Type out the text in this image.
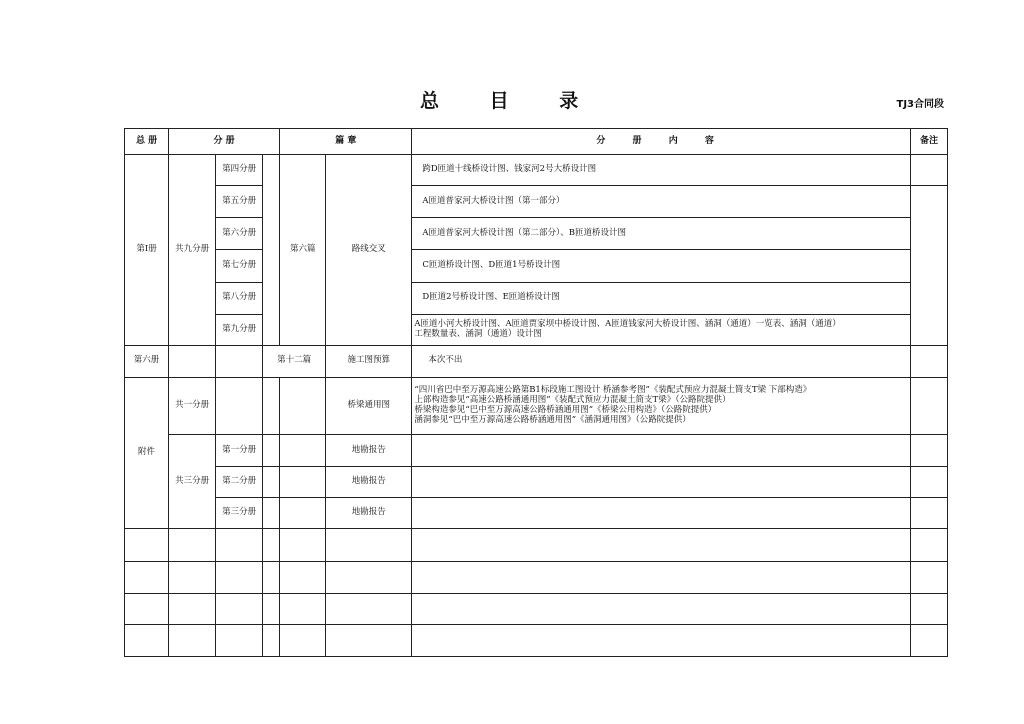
总 目 录	TJ3合同段
总 册	分 册			篇 章		分 册 内 容	备注
第Ⅰ册	共九分册	第四分册		第六篇	路线交叉	跨D匝道十线桥设计图、钱家河2号大桥设计图	
		第五分册				A匝道普家河大桥设计图（第一部分）	
		第六分册				A匝道普家河大桥设计图（第二部分）、B匝道桥设计图	
		第七分册				C匝道桥设计图、D匝道1号桥设计图	
		第八分册				D匝道2号桥设计图、E匝道桥设计图	
		第九分册				A匝道小河大桥设计图、A匝道贾家坝中桥设计图、A匝道钱家河大桥设计图、涵洞（通道）一览表、涵洞（通道）
工程数量表、涵洞（通道）设计图	

第六册			第十二篇		施工图预算	本次不出	
附件	共一分册				桥梁通用图	“四川省巴中至万源高速公路第B1标段施工图设计 桥涵参考图”《装配式预应力混凝土简支T梁 下部构造》
上部构造参见“高速公路桥涵通用图”《装配式预应力混凝土简支T梁》（公路院提供）
桥梁构造参见“巴中至万源高速公路桥涵通用图”《桥梁公用构造》（公路院提供）
涵洞参见“巴中至万源高速公路桥涵通用图”《涵洞通用图》（公路院提供）	

	共三分册	第一分册			地勘报告		
		第二分册			地勘报告		
		第三分册			地勘报告		
